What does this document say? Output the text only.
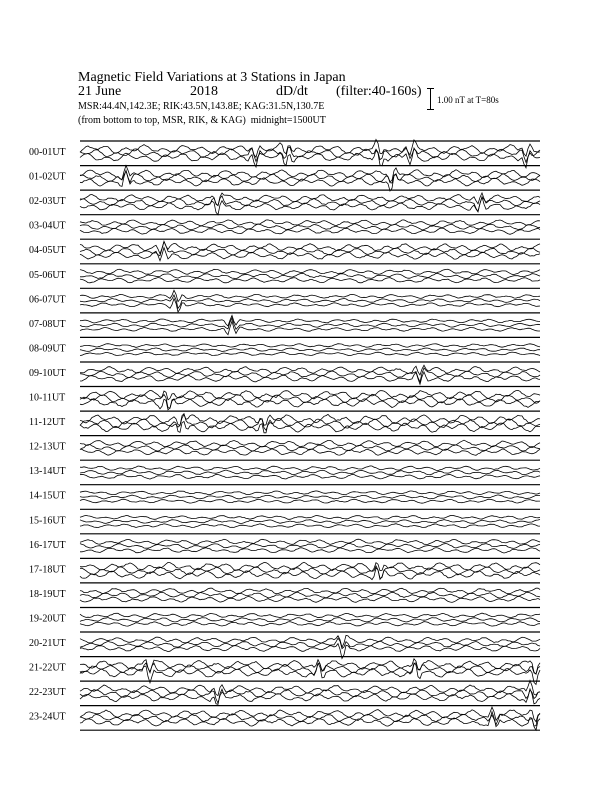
Magnetic Field Variations at 3 Stations in Japan
21 June	2018	dD/dt (filter:40-160s)
MSR:44.4N,142.3E; RIK:43.5N,143.8E; KAG:31.5N,130.7E
(from bottom to top, MSR, RIK, & KAG) midnight=1500UT
1.00 nT at T=80s
00-01UT
01-02UT
02-03UT
03-04UT
04-05UT
05-06UT
06-07UT
07-08UT
08-09UT
09-10UT
10-11UT
11-12UT
12-13UT
13-14UT
14-15UT
15-16UT
16-17UT
17-18UT
18-19UT
19-20UT
20-21UT
21-22UT
22-23UT
23-24UT
